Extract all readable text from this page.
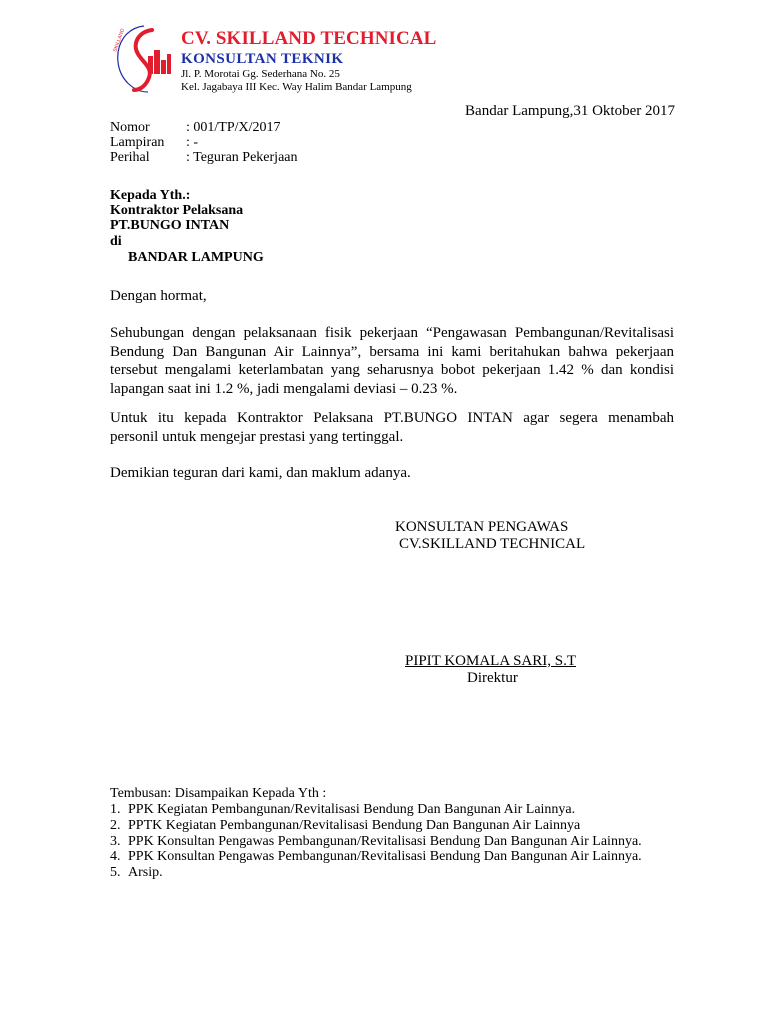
SKILLAND	CV. SKILLAND TECHNICAL
KONSULTAN TEKNIK
Jl. P. Morotai Gg. Sederhana No. 25
Kel. Jagabaya III Kec. Way Halim Bandar Lampung
Bandar Lampung,31 Oktober 2017
Nomor	: 001/TP/X/2017
Lampiran : -
Perihal	: Teguran Pekerjaan
Kepada Yth.:
Kontraktor Pelaksana
PT.BUNGO INTAN
di
BANDAR LAMPUNG
Dengan hormat,
Sehubungan dengan pelaksanaan fisik pekerjaan “Pengawasan Pembangunan/Revitalisasi
Bendung Dan Bangunan Air Lainnya”, bersama ini kami beritahukan bahwa pekerjaan
tersebut mengalami keterlambatan yang seharusnya bobot pekerjaan 1.42 % dan kondisi
lapangan saat ini 1.2 %, jadi mengalami deviasi – 0.23 %.
Untuk itu kepada Kontraktor Pelaksana PT.BUNGO INTAN agar segera menambah
personil untuk mengejar prestasi yang tertinggal.
Demikian teguran dari kami, dan maklum adanya.
KONSULTAN PENGAWAS
CV.SKILLAND TECHNICAL
PIPIT KOMALA SARI, S.T
Direktur
Tembusan: Disampaikan Kepada Yth :
1. PPK Kegiatan Pembangunan/Revitalisasi Bendung Dan Bangunan Air Lainnya.
2. PPTK Kegiatan Pembangunan/Revitalisasi Bendung Dan Bangunan Air Lainnya
3. PPK Konsultan Pengawas Pembangunan/Revitalisasi Bendung Dan Bangunan Air Lainnya.
4. PPK Konsultan Pengawas Pembangunan/Revitalisasi Bendung Dan Bangunan Air Lainnya.
5. Arsip.
